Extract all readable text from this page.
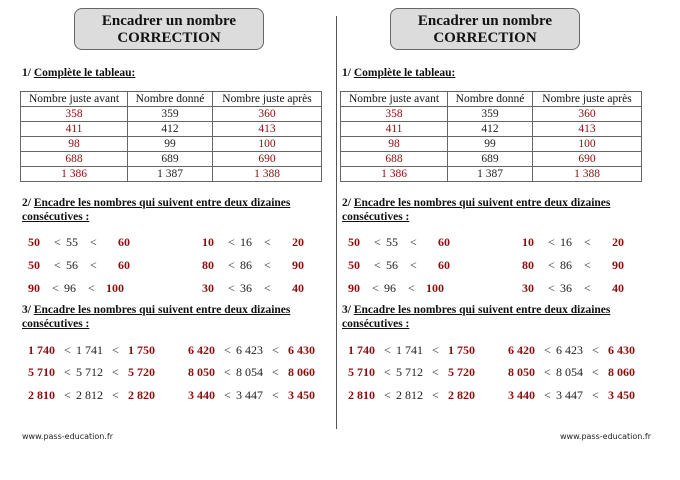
Encadrer un nombre
CORRECTION
1/ Complète le tableau:
Nombre juste avant	Nombre donné	Nombre juste après
358	359	360
411	412	413
98	99	100
688	689	690
1 386	1 387	1 388
2/ Encadre les nombres qui suivent entre deux dizaines
consécutives :
50 < 55 < 60
50 < 56 < 60
90 < 96 < 100
10 < 16 < 20
80 < 86 < 90
30 < 36 < 40
3/ Encadre les nombres qui suivent entre deux dizaines
consécutives :
1 740 < 1 741 < 1 750
5 710 < 5 712 < 5 720
2 810 < 2 812 < 2 820
6 420 < 6 423 < 6 430
8 050 < 8 054 < 8 060
3 440 < 3 447 < 3 450
www.pass-education.fr
Encadrer un nombre
CORRECTION
1/ Complète le tableau:
Nombre juste avant	Nombre donné	Nombre juste après
358	359	360
411	412	413
98	99	100
688	689	690
1 386	1 387	1 388
2/ Encadre les nombres qui suivent entre deux dizaines
consécutives :
50 < 55 < 60
50 < 56 < 60
90 < 96 < 100
10 < 16 < 20
80 < 86 < 90
30 < 36 < 40
3/ Encadre les nombres qui suivent entre deux dizaines
consécutives :
1 740 < 1 741 < 1 750
5 710 < 5 712 < 5 720
2 810 < 2 812 < 2 820
6 420 < 6 423 < 6 430
8 050 < 8 054 < 8 060
3 440 < 3 447 < 3 450
www.pass-education.fr
